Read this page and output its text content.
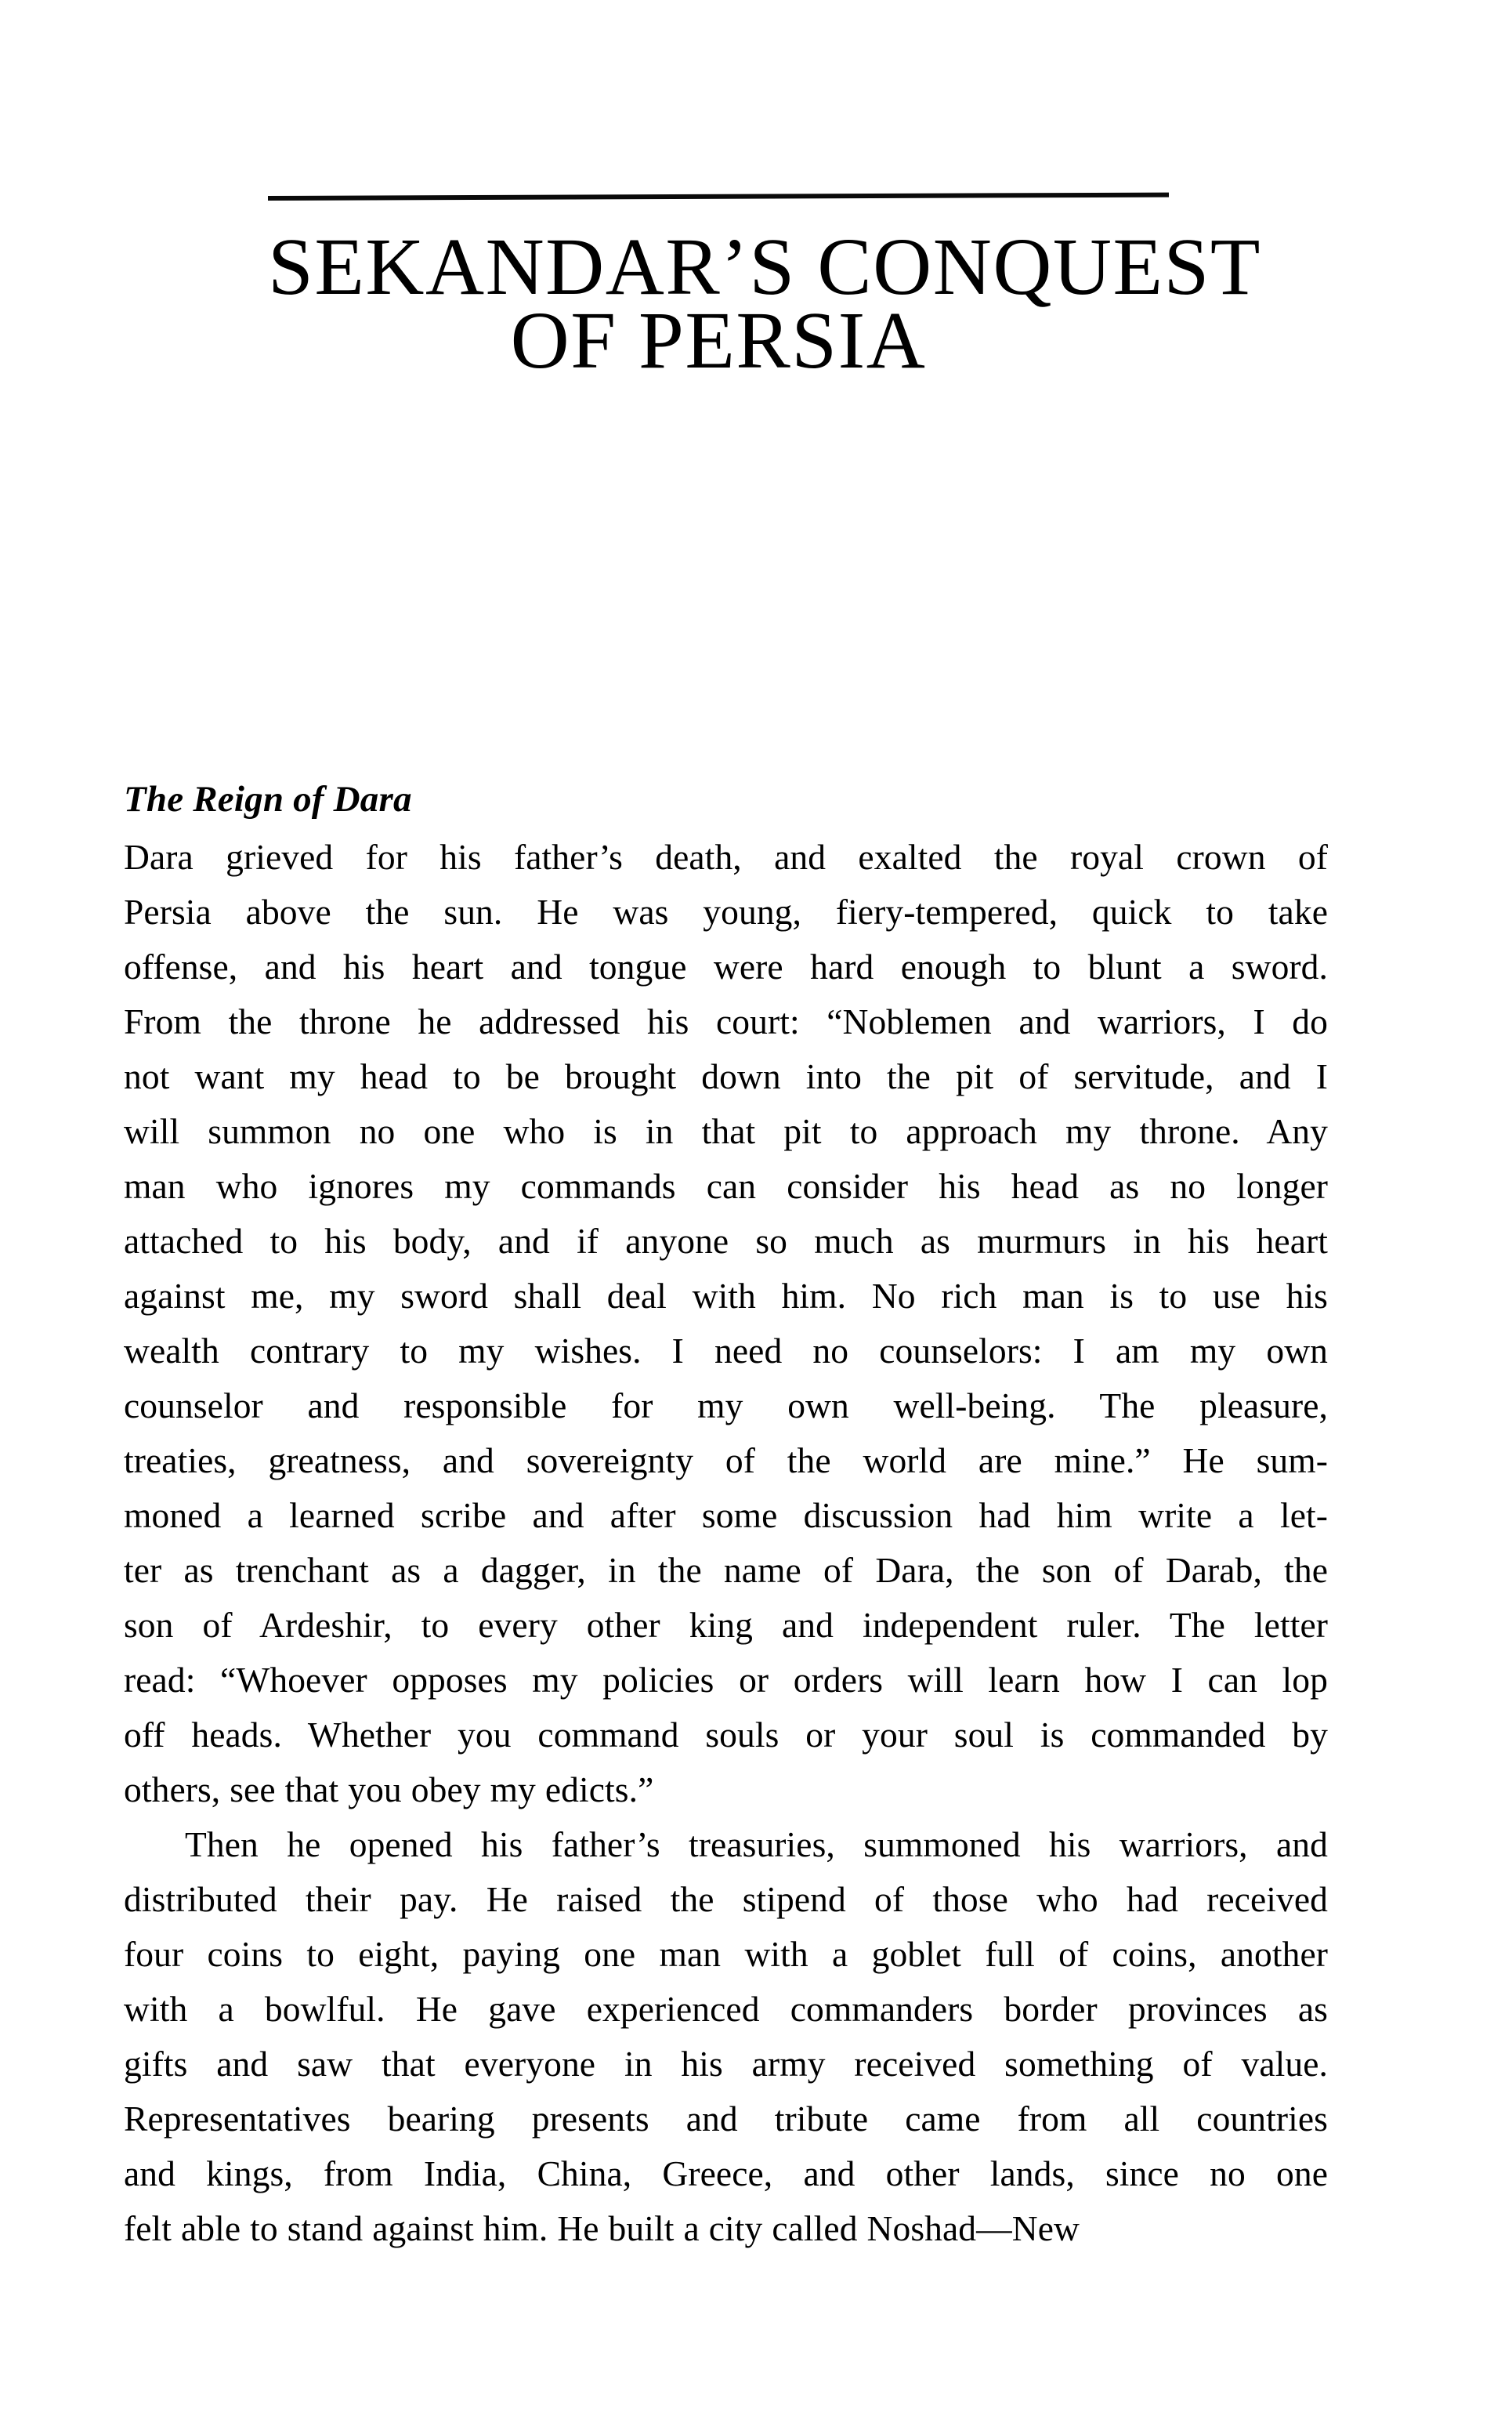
SEKANDAR’S CONQUEST
OF PERSIA
The Reign of Dara

Dara grieved for his father’s death, and exalted the royal crown of
Persia above the sun. He was young, fiery-tempered, quick to take
offense, and his heart and tongue were hard enough to blunt a sword.
From the throne he addressed his court: “Noblemen and warriors, I do
not want my head to be brought down into the pit of servitude, and I
will summon no one who is in that pit to approach my throne. Any
man who ignores my commands can consider his head as no longer
attached to his body, and if anyone so much as murmurs in his heart
against me, my sword shall deal with him. No rich man is to use his
wealth contrary to my wishes. I need no counselors: I am my own
counselor and responsible for my own well-being. The pleasure,
treaties, greatness, and sovereignty of the world are mine.” He sum-
moned a learned scribe and after some discussion had him write a let-
ter as trenchant as a dagger, in the name of Dara, the son of Darab, the
son of Ardeshir, to every other king and independent ruler. The letter
read: “Whoever opposes my policies or orders will learn how I can lop
off heads. Whether you command souls or your soul is commanded by
others, see that you obey my edicts.”

Then he opened his father’s treasuries, summoned his warriors, and
distributed their pay. He raised the stipend of those who had received
four coins to eight, paying one man with a goblet full of coins, another
with a bowlful. He gave experienced commanders border provinces as
gifts and saw that everyone in his army received something of value.
Representatives bearing presents and tribute came from all countries
and kings, from India, China, Greece, and other lands, since no one
felt able to stand against him. He built a city called Noshad—New
